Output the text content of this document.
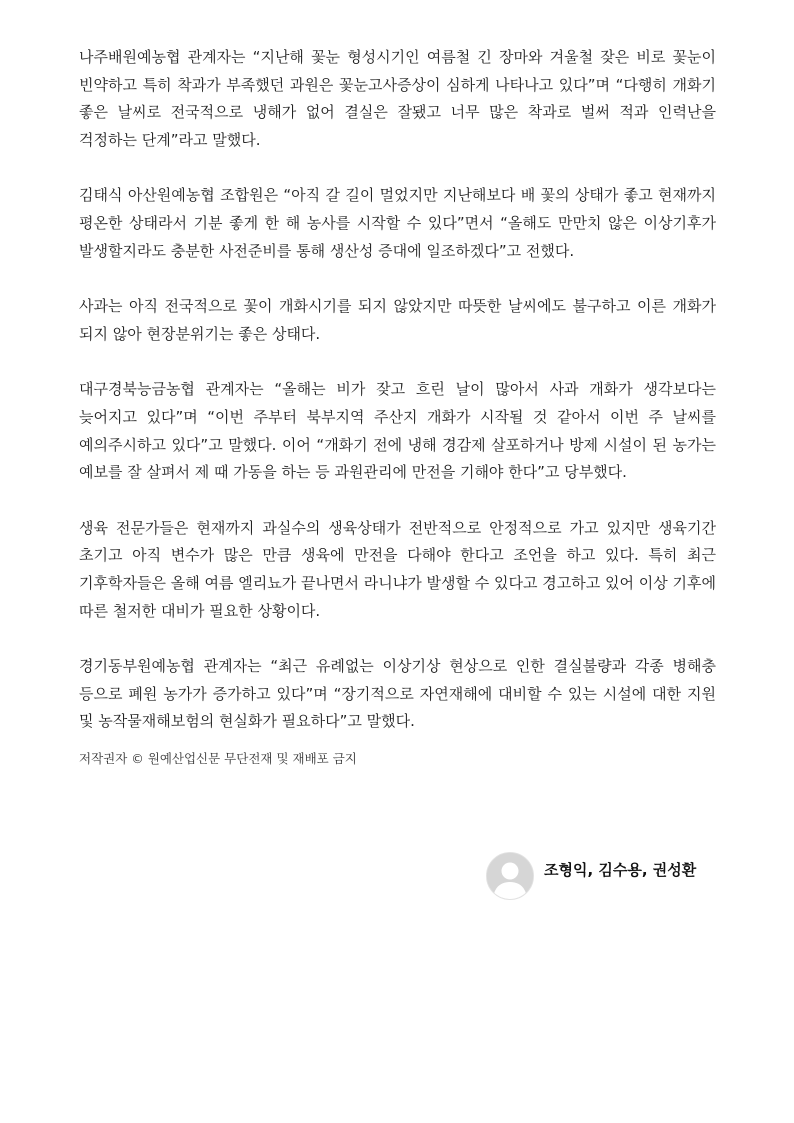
나주배원예농협 관계자는 “지난해 꽃눈 형성시기인 여름철 긴 장마와 겨울철 잦은 비로 꽃눈이 빈약하고 특히 착과가 부족했던 과원은 꽃눈고사증상이 심하게 나타나고 있다”며 “다행히 개화기 좋은 날씨로 전국적으로 냉해가 없어 결실은 잘됐고 너무 많은 착과로 벌써 적과 인력난을 걱정하는 단계”라고 말했다.

김태식 아산원예농협 조합원은 “아직 갈 길이 멀었지만 지난해보다 배 꽃의 상태가 좋고 현재까지 평온한 상태라서 기분 좋게 한 해 농사를 시작할 수 있다”면서 “올해도 만만치 않은 이상기후가 발생할지라도 충분한 사전준비를 통해 생산성 증대에 일조하겠다”고 전했다.

사과는 아직 전국적으로 꽃이 개화시기를 되지 않았지만 따뜻한 날씨에도 불구하고 이른 개화가 되지 않아 현장분위기는 좋은 상태다.

대구경북능금농협 관계자는 “올해는 비가 잦고 흐린 날이 많아서 사과 개화가 생각보다는 늦어지고 있다”며 “이번 주부터 북부지역 주산지 개화가 시작될 것 같아서 이번 주 날씨를 예의주시하고 있다”고 말했다. 이어 “개화기 전에 냉해 경감제 살포하거나 방제 시설이 된 농가는 예보를 잘 살펴서 제 때 가동을 하는 등 과원관리에 만전을 기해야 한다”고 당부했다.

생육 전문가들은 현재까지 과실수의 생육상태가 전반적으로 안정적으로 가고 있지만 생육기간 초기고 아직 변수가 많은 만큼 생육에 만전을 다해야 한다고 조언을 하고 있다. 특히 최근 기후학자들은 올해 여름 엘리뇨가 끝나면서 라니냐가 발생할 수 있다고 경고하고 있어 이상 기후에 따른 철저한 대비가 필요한 상황이다.

경기동부원예농협 관계자는 “최근 유례없는 이상기상 현상으로 인한 결실불량과 각종 병해충 등으로 폐원 농가가 증가하고 있다”며 “장기적으로 자연재해에 대비할 수 있는 시설에 대한 지원 및 농작물재해보험의 현실화가 필요하다”고 말했다.

저작권자 © 원예산업신문 무단전재 및 재배포 금지

조형익, 김수용, 권성환
